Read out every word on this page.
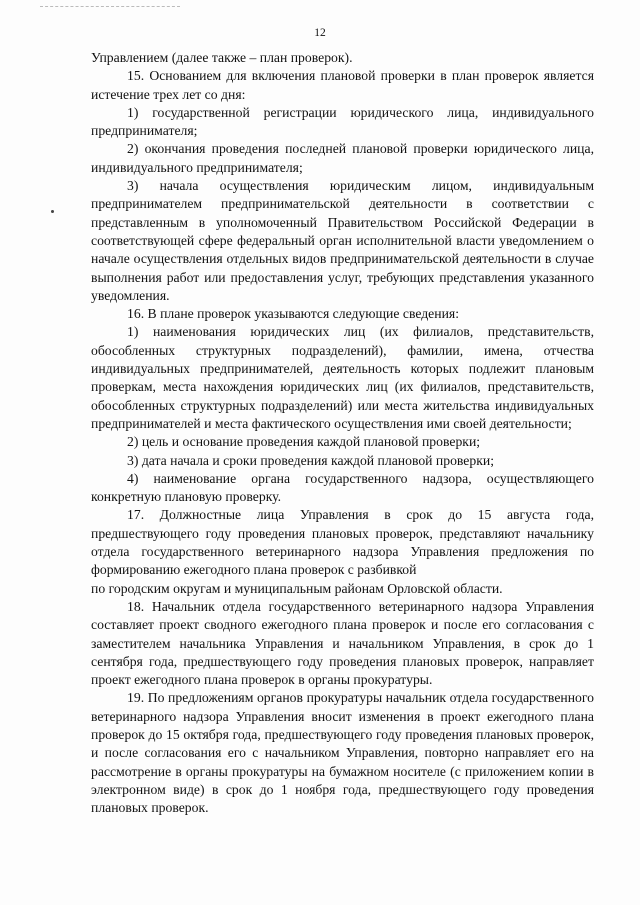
12

Управлением (далее также – план проверок).

15. Основанием для включения плановой проверки в план проверок является истечение трех лет со дня:

1) государственной регистрации юридического лица, индивидуального предпринимателя;

2) окончания проведения последней плановой проверки юридического лица, индивидуального предпринимателя;

3) начала осуществления юридическим лицом, индивидуальным предпринимателем предпринимательской деятельности в соответствии с представленным в уполномоченный Правительством Российской Федерации в соответствующей сфере федеральный орган исполнительной власти уведомлением о начале осуществления отдельных видов предпринимательской деятельности в случае выполнения работ или предоставления услуг, требующих представления указанного уведомления.

16. В плане проверок указываются следующие сведения:

1) наименования юридических лиц (их филиалов, представительств, обособленных структурных подразделений), фамилии, имена, отчества индивидуальных предпринимателей, деятельность которых подлежит плановым проверкам, места нахождения юридических лиц (их филиалов, представительств, обособленных структурных подразделений) или места жительства индивидуальных предпринимателей и места фактического осуществления ими своей деятельности;

2) цель и основание проведения каждой плановой проверки;

3) дата начала и сроки проведения каждой плановой проверки;

4) наименование органа государственного надзора, осуществляющего конкретную плановую проверку.

17. Должностные лица Управления в срок до 15 августа года, предшествующего году проведения плановых проверок, представляют начальнику отдела государственного ветеринарного надзора Управления предложения по формированию ежегодного плана проверок с разбивкой

по городским округам и муниципальным районам Орловской области.

18. Начальник отдела государственного ветеринарного надзора Управления составляет проект сводного ежегодного плана проверок и после его согласования с заместителем начальника Управления и начальником Управления, в срок до 1 сентября года, предшествующего году проведения плановых проверок, направляет проект ежегодного плана проверок в органы прокуратуры.

19. По предложениям органов прокуратуры начальник отдела государственного ветеринарного надзора Управления вносит изменения в проект ежегодного плана проверок до 15 октября года, предшествующего году проведения плановых проверок, и после согласования его с начальником Управления, повторно направляет его на рассмотрение в органы прокуратуры на бумажном носителе (с приложением копии в электронном виде) в срок до 1 ноября года, предшествующего году проведения плановых проверок.
